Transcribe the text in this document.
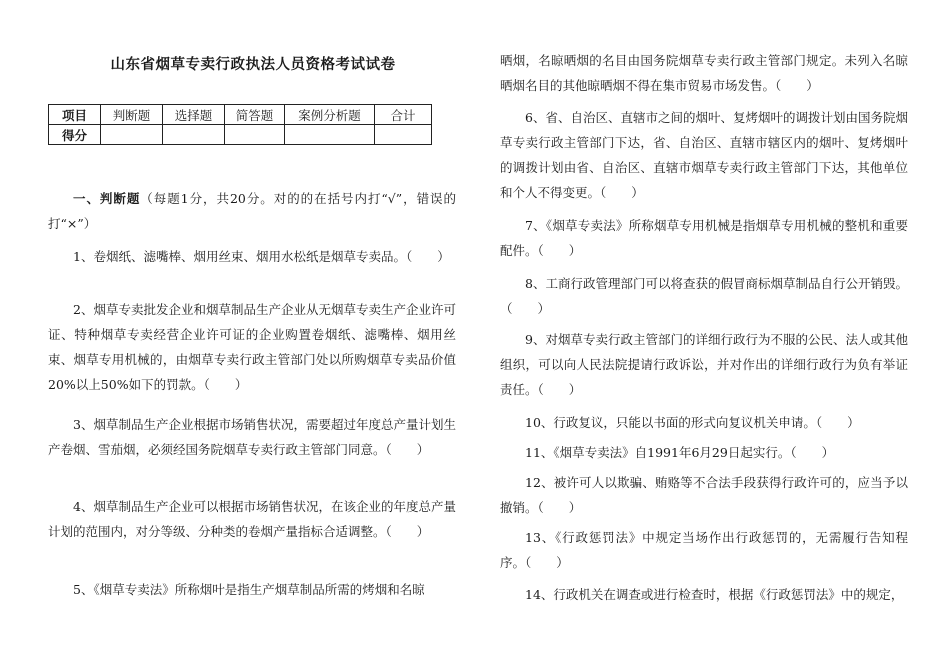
山东省烟草专卖行政执法人员资格考试试卷
项目	判断题	选择题	简答题	案例分析题	合计
得分					
一、判断题（每题1分，共20分。对的的在括号内打“√”，错误的打“×”）
1、卷烟纸、滤嘴棒、烟用丝束、烟用水松纸是烟草专卖品。（　　）
2、烟草专卖批发企业和烟草制品生产企业从无烟草专卖生产企业许可证、特种烟草专卖经营企业许可证的企业购置卷烟纸、滤嘴棒、烟用丝束、烟草专用机械的，由烟草专卖行政主管部门处以所购烟草专卖品价值20%以上50%如下的罚款。（　　）
3、烟草制品生产企业根据市场销售状况，需要超过年度总产量计划生产卷烟、雪茄烟，必须经国务院烟草专卖行政主管部门同意。（　　）
4、烟草制品生产企业可以根据市场销售状况，在该企业的年度总产量计划的范围内，对分等级、分种类的卷烟产量指标合适调整。（　　）
5、《烟草专卖法》所称烟叶是指生产烟草制品所需的烤烟和名晾
晒烟，名晾晒烟的名目由国务院烟草专卖行政主管部门规定。未列入名晾晒烟名目的其他晾晒烟不得在集市贸易市场发售。（　　）
6、省、自治区、直辖市之间的烟叶、复烤烟叶的调拨计划由国务院烟草专卖行政主管部门下达，省、自治区、直辖市辖区内的烟叶、复烤烟叶的调拨计划由省、自治区、直辖市烟草专卖行政主管部门下达，其他单位和个人不得变更。（　　）
7、《烟草专卖法》所称烟草专用机械是指烟草专用机械的整机和重要配件。（　　）
8、工商行政管理部门可以将查获的假冒商标烟草制品自行公开销毁。（　　）
9、对烟草专卖行政主管部门的详细行政行为不服的公民、法人或其他组织，可以向人民法院提请行政诉讼，并对作出的详细行政行为负有举证责任。（　　）
10、行政复议，只能以书面的形式向复议机关申请。（　　）
11、《烟草专卖法》自1991年6月29日起实行。（　　）
12、被许可人以欺骗、贿赂等不合法手段获得行政许可的，应当予以撤销。（　　）
13、《行政惩罚法》中规定当场作出行政惩罚的，无需履行告知程序。（　　）
14、行政机关在调查或进行检查时，根据《行政惩罚法》中的规定，
